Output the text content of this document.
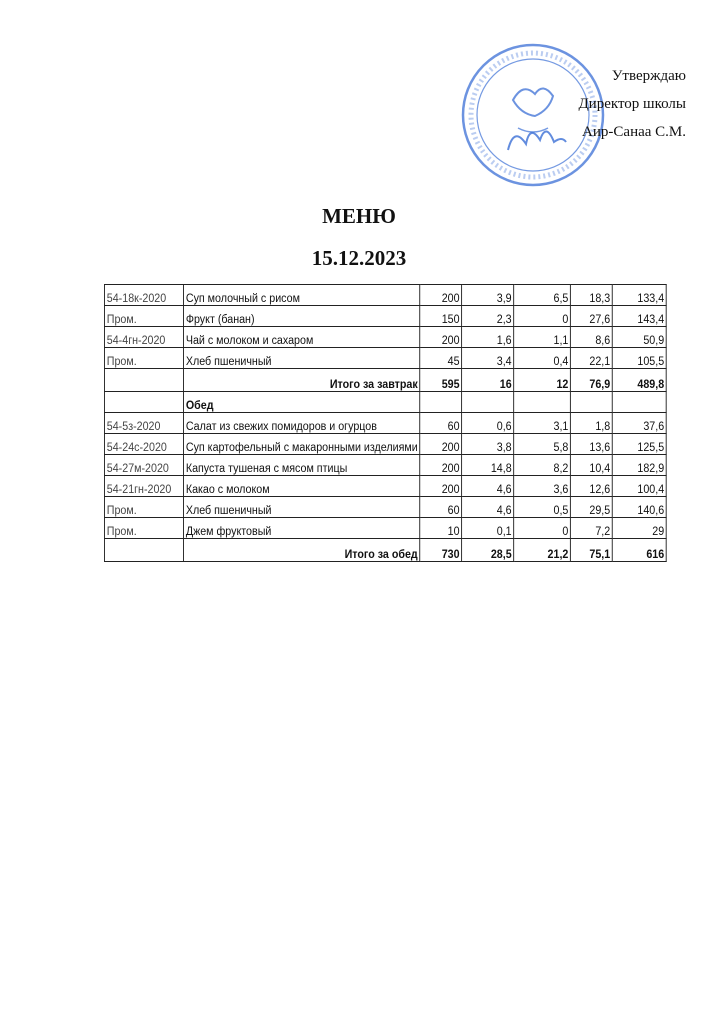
Утверждаю
Директор школы
Аир-Санаа С.М.
МЕНЮ
15.12.2023
54-18к-2020	Суп молочный с рисом	200	3,9	6,5	18,3	133,4
Пром.	Фрукт (банан)	150	2,3	0	27,6	143,4
54-4гн-2020	Чай с молоком и сахаром	200	1,6	1,1	8,6	50,9
Пром.	Хлеб пшеничный	45	3,4	0,4	22,1	105,5
	Итого за завтрак	595	16	12	76,9	489,8
	Обед					
54-5з-2020	Салат из свежих помидоров и огурцов	60	0,6	3,1	1,8	37,6
54-24с-2020	Суп картофельный с макаронными изделиями	200	3,8	5,8	13,6	125,5
54-27м-2020	Капуста тушеная с мясом птицы	200	14,8	8,2	10,4	182,9
54-21гн-2020	Какао с молоком	200	4,6	3,6	12,6	100,4
Пром.	Хлеб пшеничный	60	4,6	0,5	29,5	140,6
Пром.	Джем фруктовый	10	0,1	0	7,2	29
	Итого за обед	730	28,5	21,2	75,1	616
